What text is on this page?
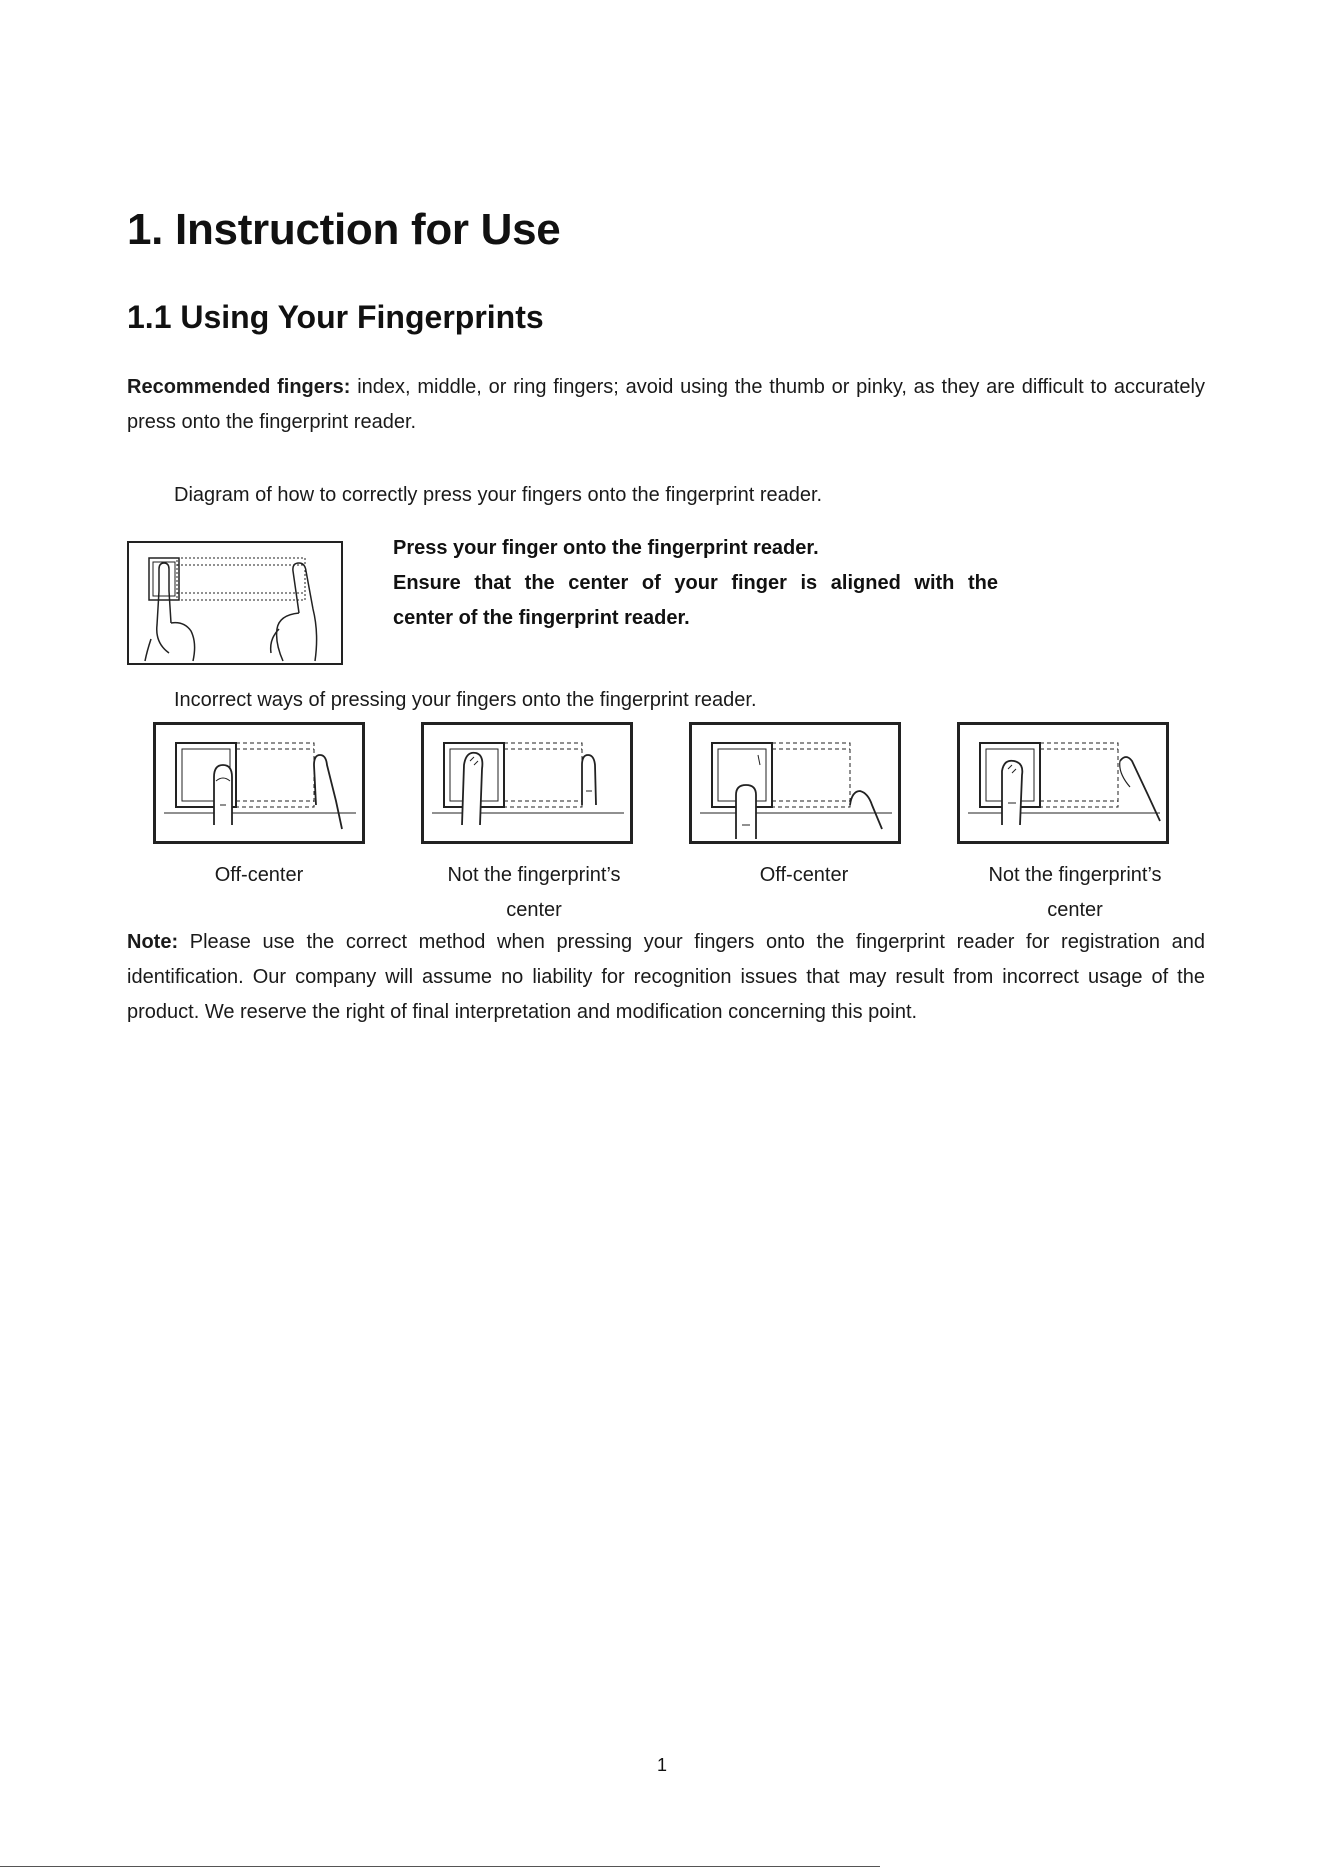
1. Instruction for Use
1.1 Using Your Fingerprints
Recommended fingers: index, middle, or ring fingers; avoid using the thumb or pinky, as they are difficult to accurately press onto the fingerprint reader.
Diagram of how to correctly press your fingers onto the fingerprint reader.
Press your finger onto the fingerprint reader.
Ensure that the center of your finger is aligned with the
center of the fingerprint reader.
Incorrect ways of pressing your fingers onto the fingerprint reader.
Off-center	Not the fingerprint’s center
Off-center	Not the fingerprint’s center
Note: Please use the correct method when pressing your fingers onto the fingerprint reader for registration and identification. Our company will assume no liability for recognition issues that may result from incorrect usage of the product. We reserve the right of final interpretation and modification concerning this point.
1
